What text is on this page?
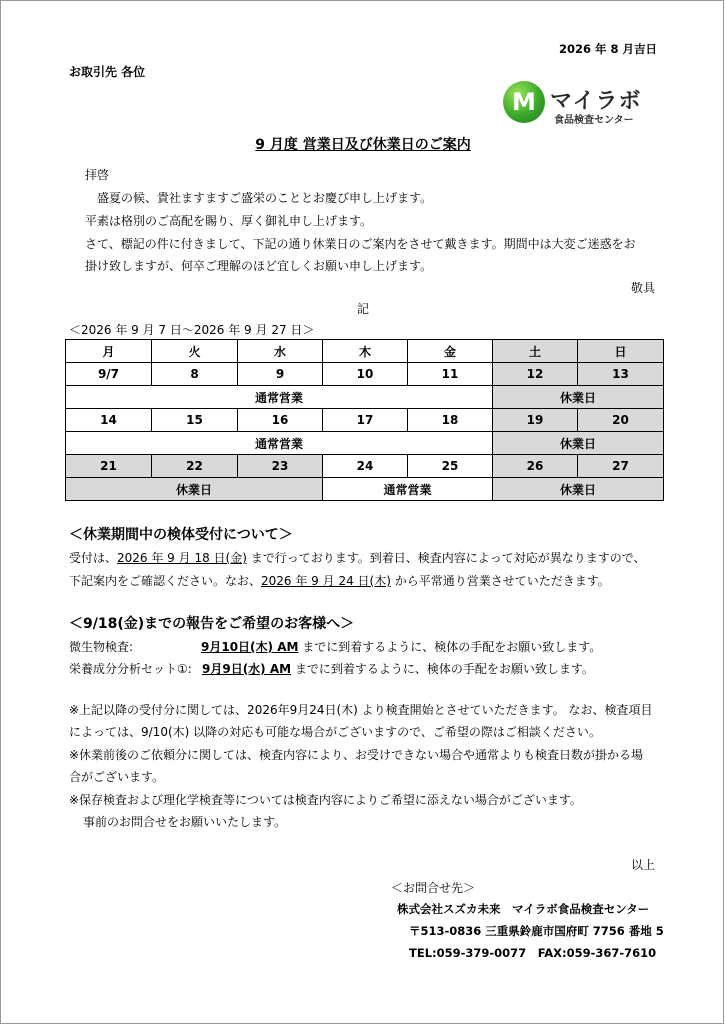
2026 年 8 月吉日
お取引先 各位
M マイラボ
食品検査センター
9 月度 営業日及び休業日のご案内
拝啓
盛夏の候、貴社ますますご盛栄のこととお慶び申し上げます。
平素は格別のご高配を賜り、厚く御礼申し上げます。
さて、標記の件に付きまして、下記の通り休業日のご案内をさせて戴きます。期間中は大変ご迷惑をお
掛け致しますが、何卒ご理解のほど宜しくお願い申し上げます。
敬具
記
＜2026 年 9 月 7 日～2026 年 9 月 27 日＞
月	火	水	木	金	土	日
9/7	8	9	10	11	12	13
通常営業					休業日	
14	15	16	17	18	19	20
通常営業					休業日	
21	22	23	24	25	26	27
休業日			通常営業		休業日	
＜休業期間中の検体受付について＞
受付は、2026 年 9 月 18 日(金) まで行っております。到着日、検査内容によって対応が異なりますので、
下記案内をご確認ください。なお、2026 年 9 月 24 日(木) から平常通り営業させていただきます。
＜9/18(金)までの報告をご希望のお客様へ＞
微生物検査:	9月10日(木) AM までに到着するように、検体の手配をお願い致します。
栄養成分分析セット①: 9月9日(水) AM までに到着するように、検体の手配をお願い致します。
※上記以降の受付分に関しては、2026年9月24日(木) より検査開始とさせていただきます。 なお、検査項目
によっては、9/10(木) 以降の対応も可能な場合がございますので、ご希望の際はご相談ください。
※休業前後のご依頼分に関しては、検査内容により、お受けできない場合や通常よりも検査日数が掛かる場
合がございます。
※保存検査および理化学検査等については検査内容によりご希望に添えない場合がございます。
事前のお問合せをお願いいたします。
以上
＜お問合せ先＞
株式会社スズカ未来　マイラボ食品検査センター
〒513-0836 三重県鈴鹿市国府町 7756 番地 5
TEL:059-379-0077　FAX:059-367-7610
